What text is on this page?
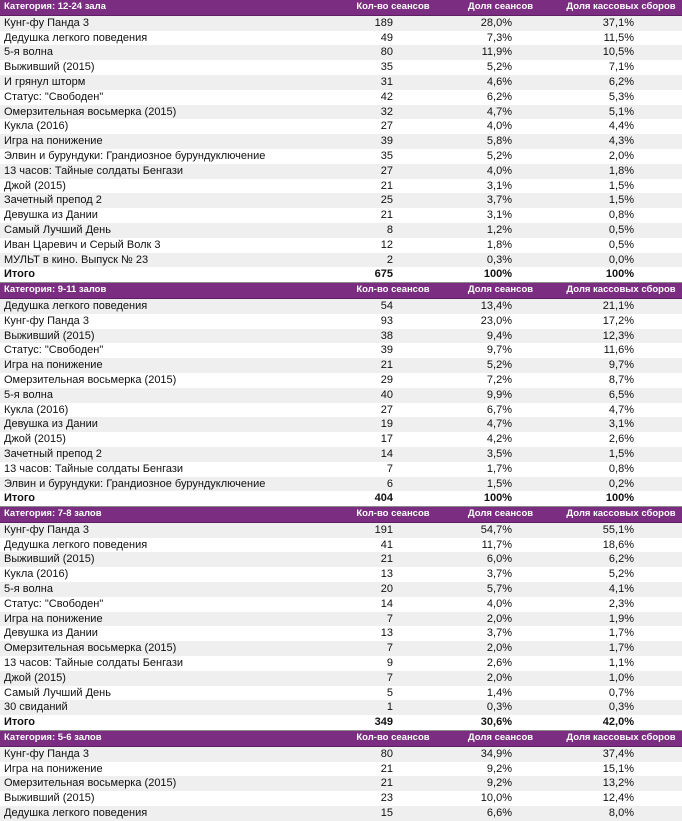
Категория: 12-24 зала	Кол-во сеансов	Доля сеансов	Доля кассовых сборов
Кунг-фу Панда 3	189	28,0%	37,1%
Дедушка легкого поведения	49	7,3%	11,5%
5-я волна	80	11,9%	10,5%
Выживший (2015)	35	5,2%	7,1%
И грянул шторм	31	4,6%	6,2%
Статус: "Свободен"	42	6,2%	5,3%
Омерзительная восьмерка (2015)	32	4,7%	5,1%
Кукла (2016)	27	4,0%	4,4%
Игра на понижение	39	5,8%	4,3%
Элвин и бурундуки: Грандиозное бурундуключение	35	5,2%	2,0%
13 часов: Тайные солдаты Бенгази	27	4,0%	1,8%
Джой (2015)	21	3,1%	1,5%
Зачетный препод 2	25	3,7%	1,5%
Девушка из Дании	21	3,1%	0,8%
Самый Лучший День	8	1,2%	0,5%
Иван Царевич и Серый Волк 3	12	1,8%	0,5%
МУЛЬТ в кино. Выпуск № 23	2	0,3%	0,0%
Итого	675	100%	100%
Категория: 9-11 залов	Кол-во сеансов	Доля сеансов	Доля кассовых сборов
Дедушка легкого поведения	54	13,4%	21,1%
Кунг-фу Панда 3	93	23,0%	17,2%
Выживший (2015)	38	9,4%	12,3%
Статус: "Свободен"	39	9,7%	11,6%
Игра на понижение	21	5,2%	9,7%
Омерзительная восьмерка (2015)	29	7,2%	8,7%
5-я волна	40	9,9%	6,5%
Кукла (2016)	27	6,7%	4,7%
Девушка из Дании	19	4,7%	3,1%
Джой (2015)	17	4,2%	2,6%
Зачетный препод 2	14	3,5%	1,5%
13 часов: Тайные солдаты Бенгази	7	1,7%	0,8%
Элвин и бурундуки: Грандиозное бурундуключение	6	1,5%	0,2%
Итого	404	100%	100%
Категория: 7-8 залов	Кол-во сеансов	Доля сеансов	Доля кассовых сборов
Кунг-фу Панда 3	191	54,7%	55,1%
Дедушка легкого поведения	41	11,7%	18,6%
Выживший (2015)	21	6,0%	6,2%
Кукла (2016)	13	3,7%	5,2%
5-я волна	20	5,7%	4,1%
Статус: "Свободен"	14	4,0%	2,3%
Игра на понижение	7	2,0%	1,9%
Девушка из Дании	13	3,7%	1,7%
Омерзительная восьмерка (2015)	7	2,0%	1,7%
13 часов: Тайные солдаты Бенгази	9	2,6%	1,1%
Джой (2015)	7	2,0%	1,0%
Самый Лучший День	5	1,4%	0,7%
30 свиданий	1	0,3%	0,3%
Итого	349	30,6%	42,0%
Категория: 5-6 залов	Кол-во сеансов	Доля сеансов	Доля кассовых сборов
Кунг-фу Панда 3	80	34,9%	37,4%
Игра на понижение	21	9,2%	15,1%
Омерзительная восьмерка (2015)	21	9,2%	13,2%
Выживший (2015)	23	10,0%	12,4%
Дедушка легкого поведения	15	6,6%	8,0%
